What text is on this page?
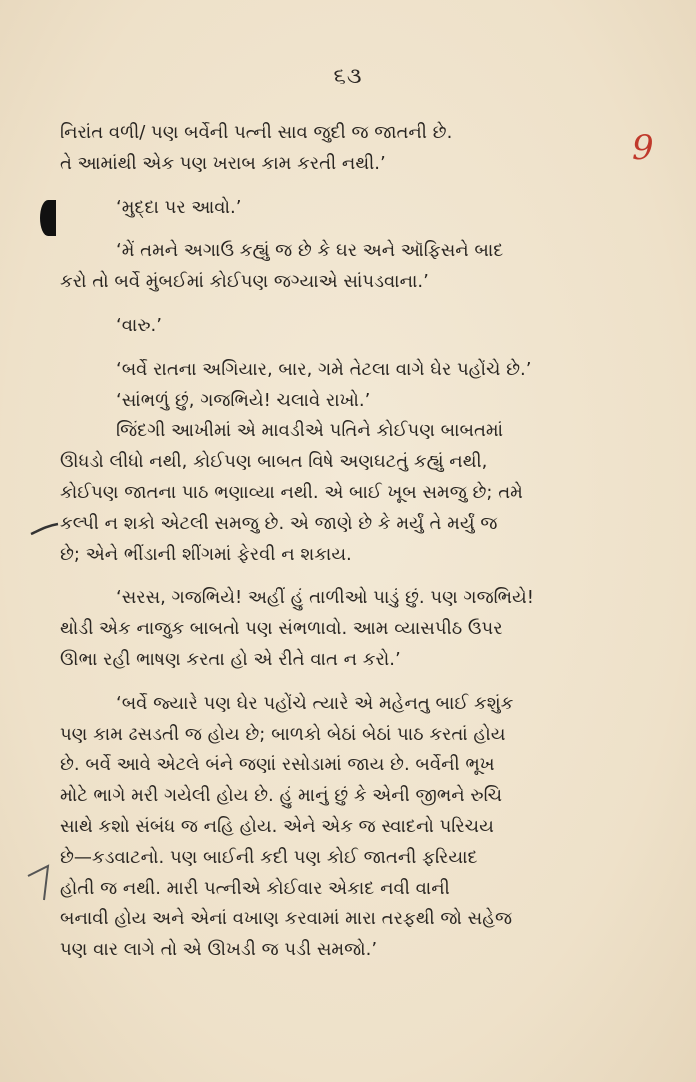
૬૩
9
નિરાંત વળી/ પણ બર્વેની પત્ની સાવ જુદી જ જાતની છે.
તે આમાંથી એક પણ ખરાબ કામ કરતી નથી.’
‘મુદ્દા પર આવો.’
‘મેં તમને અગાઉ કહ્યું જ છે કે ઘર અને ઑફિસને બાદ
કરો તો બર્વે મુંબઈમાં કોઈપણ જગ્યાએ સાંપડવાના.’
‘વારુ.’
‘બર્વે રાતના અગિયાર, બાર, ગમે તેટલા વાગે ઘેર પહોંચે છે.’
‘સાંભળું છું, ગજભિયે! ચલાવે રાખો.’
જિંદગી આખીમાં એ માવડીએ પતિને કોઈપણ બાબતમાં
ઊધડો લીધો નથી, કોઈપણ બાબત વિષે અણઘટતું કહ્યું નથી,
કોઈપણ જાતના પાઠ ભણાવ્યા નથી. એ બાઈ ખૂબ સમજુ છે; તમે
કલ્પી ન શકો એટલી સમજુ છે. એ જાણે છે કે મર્યું તે મર્યું જ
છે; એને ભીંડાની શીંગમાં ફેરવી ન શકાય.
‘સરસ, ગજભિયે! અહીં હું તાળીઓ પાડું છું. પણ ગજભિયે!
થોડી એક નાજુક બાબતો પણ સંભળાવો. આમ વ્યાસપીઠ ઉપર
ઊભા રહી ભાષણ કરતા હો એ રીતે વાત ન કરો.’
‘બર્વે જ્યારે પણ ઘેર પહોંચે ત્યારે એ મહેનતુ બાઈ કશુંક
પણ કામ ઢસડતી જ હોય છે; બાળકો બેઠાં બેઠાં પાઠ કરતાં હોય
છે. બર્વે આવે એટલે બંને જણાં રસોડામાં જાય છે. બર્વેની ભૂખ
મોટે ભાગે મરી ગયેલી હોય છે. હું માનું છું કે એની જીભને રુચિ
સાથે કશો સંબંધ જ નહિ હોય. એને એક જ સ્વાદનો પરિચય
છે—કડવાટનો. પણ બાઈની કદી પણ કોઈ જાતની ફરિયાદ
હોતી જ નથી. મારી પત્નીએ કોઈવાર એકાદ નવી વાની
બનાવી હોય અને એનાં વખાણ કરવામાં મારા તરફથી જો સહેજ
પણ વાર લાગે તો એ ઊખડી જ પડી સમજો.’
